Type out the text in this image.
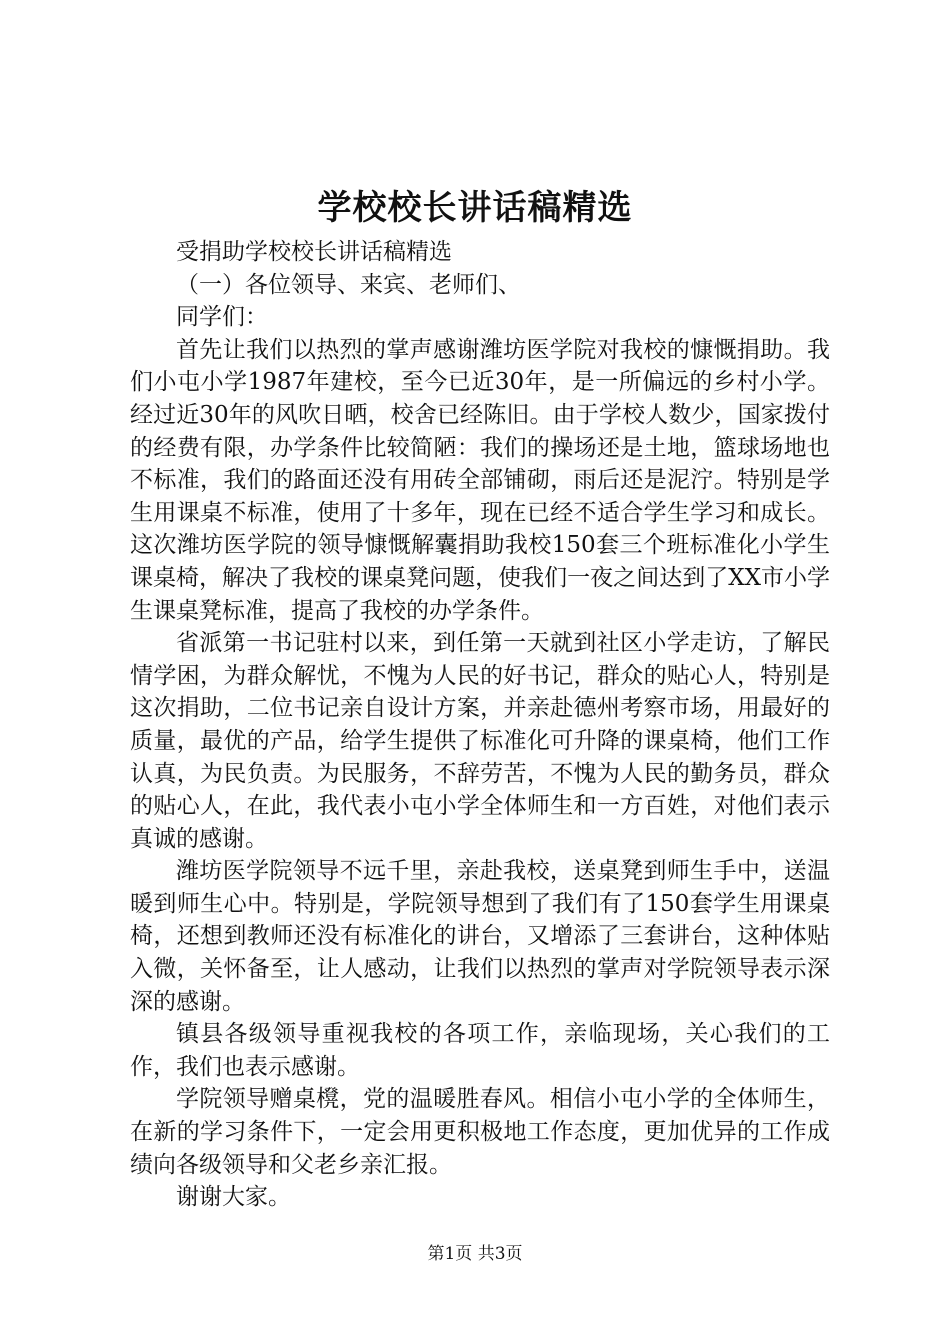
学校校长讲话稿精选

受捐助学校校长讲话稿精选

（一）各位领导、来宾、老师们、

同学们：

首先让我们以热烈的掌声感谢潍坊医学院对我校的慷慨捐助。我们小屯小学1987年建校，至今已近30年，是一所偏远的乡村小学。经过近30年的风吹日晒，校舍已经陈旧。由于学校人数少，国家拨付的经费有限，办学条件比较简陋：我们的操场还是土地，篮球场地也不标准，我们的路面还没有用砖全部铺砌，雨后还是泥泞。特别是学生用课桌不标准，使用了十多年，现在已经不适合学生学习和成长。这次潍坊医学院的领导慷慨解囊捐助我校150套三个班标准化小学生课桌椅，解决了我校的课桌凳问题，使我们一夜之间达到了XX市小学生课桌凳标准，提高了我校的办学条件。

省派第一书记驻村以来，到任第一天就到社区小学走访，了解民情学困，为群众解忧，不愧为人民的好书记，群众的贴心人，特别是这次捐助，二位书记亲自设计方案，并亲赴德州考察市场，用最好的质量，最优的产品，给学生提供了标准化可升降的课桌椅，他们工作认真，为民负责。为民服务，不辞劳苦，不愧为人民的勤务员，群众的贴心人，在此，我代表小屯小学全体师生和一方百姓，对他们表示真诚的感谢。

潍坊医学院领导不远千里，亲赴我校，送桌凳到师生手中，送温暖到师生心中。特别是，学院领导想到了我们有了150套学生用课桌椅，还想到教师还没有标准化的讲台，又增添了三套讲台，这种体贴入微，关怀备至，让人感动，让我们以热烈的掌声对学院领导表示深深的感谢。

镇县各级领导重视我校的各项工作，亲临现场，关心我们的工作，我们也表示感谢。

学院领导赠桌櫈，党的温暖胜春风。相信小屯小学的全体师生，在新的学习条件下，一定会用更积极地工作态度，更加优异的工作成绩向各级领导和父老乡亲汇报。

谢谢大家。

第1页 共3页
